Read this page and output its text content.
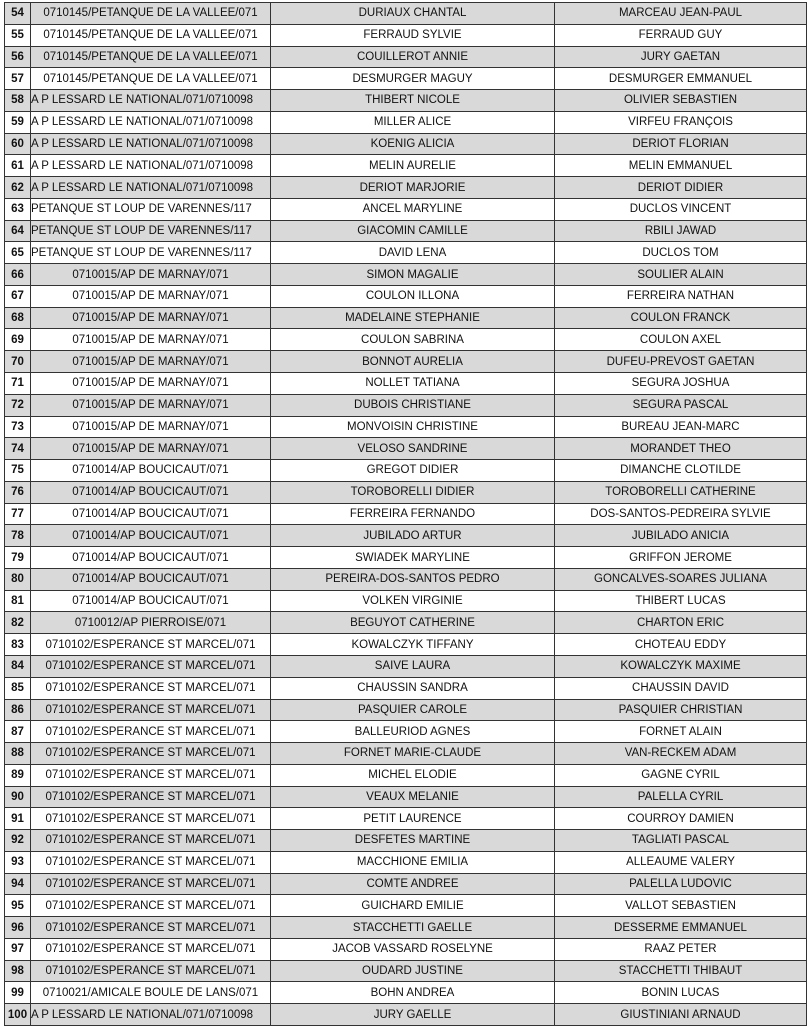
54	0710145/PETANQUE DE LA VALLEE/071	DURIAUX CHANTAL	MARCEAU JEAN-PAUL
55	0710145/PETANQUE DE LA VALLEE/071	FERRAUD SYLVIE	FERRAUD GUY
56	0710145/PETANQUE DE LA VALLEE/071	COUILLEROT ANNIE	JURY GAETAN
57	0710145/PETANQUE DE LA VALLEE/071	DESMURGER MAGUY	DESMURGER EMMANUEL
58	0710098/A P LESSARD LE NATIONAL/071	THIBERT NICOLE	OLIVIER SEBASTIEN
59	0710098/A P LESSARD LE NATIONAL/071	MILLER ALICE	VIRFEU FRANÇOIS
60	0710098/A P LESSARD LE NATIONAL/071	KOENIG ALICIA	DERIOT FLORIAN
61	0710098/A P LESSARD LE NATIONAL/071	MELIN AURELIE	MELIN EMMANUEL
62	0710098/A P LESSARD LE NATIONAL/071	DERIOT MARJORIE	DERIOT DIDIER
63	117/PETANQUE ST LOUP DE VARENNES	ANCEL MARYLINE	DUCLOS VINCENT
64	117/PETANQUE ST LOUP DE VARENNES	GIACOMIN CAMILLE	RBILI JAWAD
65	117/PETANQUE ST LOUP DE VARENNES	DAVID LENA	DUCLOS TOM
66	0710015/AP DE MARNAY/071	SIMON MAGALIE	SOULIER ALAIN
67	0710015/AP DE MARNAY/071	COULON ILLONA	FERREIRA NATHAN
68	0710015/AP DE MARNAY/071	MADELAINE STEPHANIE	COULON FRANCK
69	0710015/AP DE MARNAY/071	COULON SABRINA	COULON AXEL
70	0710015/AP DE MARNAY/071	BONNOT AURELIA	DUFEU-PREVOST GAETAN
71	0710015/AP DE MARNAY/071	NOLLET TATIANA	SEGURA JOSHUA
72	0710015/AP DE MARNAY/071	DUBOIS CHRISTIANE	SEGURA PASCAL
73	0710015/AP DE MARNAY/071	MONVOISIN CHRISTINE	BUREAU JEAN-MARC
74	0710015/AP DE MARNAY/071	VELOSO SANDRINE	MORANDET THEO
75	0710014/AP BOUCICAUT/071	GREGOT DIDIER	DIMANCHE CLOTILDE
76	0710014/AP BOUCICAUT/071	TOROBORELLI DIDIER	TOROBORELLI CATHERINE
77	0710014/AP BOUCICAUT/071	FERREIRA FERNANDO	DOS-SANTOS-PEDREIRA SYLVIE
78	0710014/AP BOUCICAUT/071	JUBILADO ARTUR	JUBILADO ANICIA
79	0710014/AP BOUCICAUT/071	SWIADEK MARYLINE	GRIFFON JEROME
80	0710014/AP BOUCICAUT/071	PEREIRA-DOS-SANTOS PEDRO	GONCALVES-SOARES JULIANA
81	0710014/AP BOUCICAUT/071	VOLKEN VIRGINIE	THIBERT LUCAS
82	0710012/AP PIERROISE/071	BEGUYOT CATHERINE	CHARTON ERIC
83	0710102/ESPERANCE ST MARCEL/071	KOWALCZYK TIFFANY	CHOTEAU EDDY
84	0710102/ESPERANCE ST MARCEL/071	SAIVE LAURA	KOWALCZYK MAXIME
85	0710102/ESPERANCE ST MARCEL/071	CHAUSSIN SANDRA	CHAUSSIN DAVID
86	0710102/ESPERANCE ST MARCEL/071	PASQUIER CAROLE	PASQUIER CHRISTIAN
87	0710102/ESPERANCE ST MARCEL/071	BALLEURIOD AGNES	FORNET ALAIN
88	0710102/ESPERANCE ST MARCEL/071	FORNET MARIE-CLAUDE	VAN-RECKEM ADAM
89	0710102/ESPERANCE ST MARCEL/071	MICHEL ELODIE	GAGNE CYRIL
90	0710102/ESPERANCE ST MARCEL/071	VEAUX MELANIE	PALELLA CYRIL
91	0710102/ESPERANCE ST MARCEL/071	PETIT LAURENCE	COURROY DAMIEN
92	0710102/ESPERANCE ST MARCEL/071	DESFETES MARTINE	TAGLIATI PASCAL
93	0710102/ESPERANCE ST MARCEL/071	MACCHIONE EMILIA	ALLEAUME VALERY
94	0710102/ESPERANCE ST MARCEL/071	COMTE ANDREE	PALELLA LUDOVIC
95	0710102/ESPERANCE ST MARCEL/071	GUICHARD EMILIE	VALLOT SEBASTIEN
96	0710102/ESPERANCE ST MARCEL/071	STACCHETTI GAELLE	DESSERME EMMANUEL
97	0710102/ESPERANCE ST MARCEL/071	JACOB VASSARD ROSELYNE	RAAZ PETER
98	0710102/ESPERANCE ST MARCEL/071	OUDARD JUSTINE	STACCHETTI THIBAUT
99	0710021/AMICALE BOULE DE LANS/071	BOHN ANDREA	BONIN LUCAS
100	0710098/A P LESSARD LE NATIONAL/071	JURY GAELLE	GIUSTINIANI ARNAUD
